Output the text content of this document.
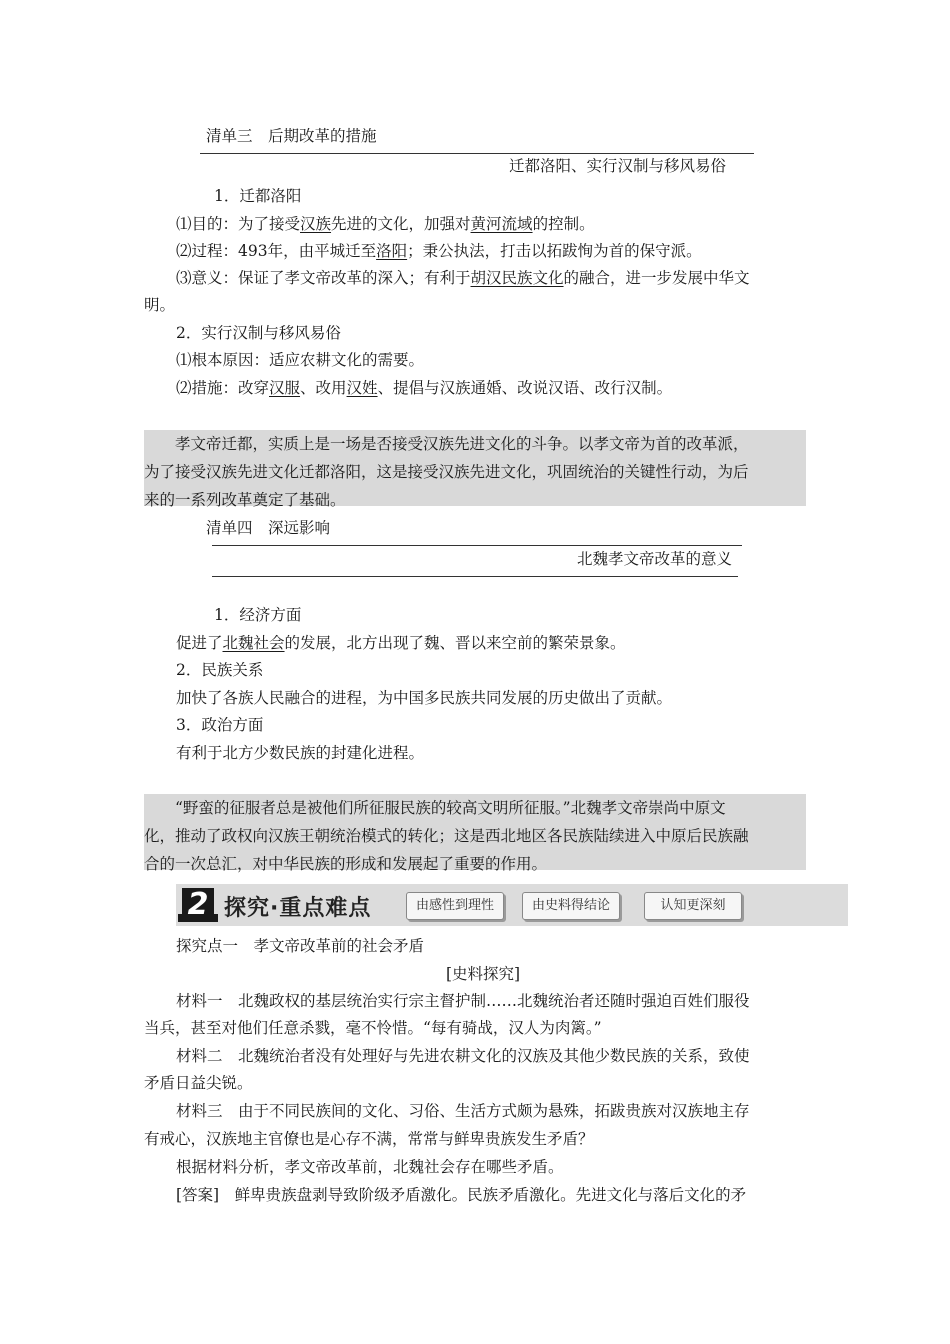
清单三　后期改革的措施
迁都洛阳、实行汉制与移风易俗
1．迁都洛阳
⑴目的：为了接受汉族先进的文化，加强对黄河流域的控制。
⑵过程：493年，由平城迁至洛阳；秉公执法，打击以拓跋恂为首的保守派。
⑶意义：保证了孝文帝改革的深入；有利于胡汉民族文化的融合，进一步发展中华文
明。
2．实行汉制与移风易俗
⑴根本原因：适应农耕文化的需要。
⑵措施：改穿汉服、改用汉姓、提倡与汉族通婚、改说汉语、改行汉制。

　　孝文帝迁都，实质上是一场是否接受汉族先进文化的斗争。以孝文帝为首的改革派，

为了接受汉族先进文化迁都洛阳，这是接受汉族先进文化，巩固统治的关键性行动，为后

来的一系列改革奠定了基础。

清单四　深远影响
北魏孝文帝改革的意义
1．经济方面
促进了北魏社会的发展，北方出现了魏、晋以来空前的繁荣景象。
2．民族关系
加快了各族人民融合的进程，为中国多民族共同发展的历史做出了贡献。
3．政治方面
有利于北方少数民族的封建化进程。

　　“野蛮的征服者总是被他们所征服民族的较高文明所征服。”北魏孝文帝崇尚中原文

化，推动了政权向汉族王朝统治模式的转化；这是西北地区各民族陆续进入中原后民族融

合的一次总汇，对中华民族的形成和发展起了重要的作用。

2 探究·重点难点	由感性到理性	由史料得结论	认知更深刻
探究点一　孝文帝改革前的社会矛盾
[史料探究]
材料一　北魏政权的基层统治实行宗主督护制……北魏统治者还随时强迫百姓们服役
当兵，甚至对他们任意杀戮，毫不怜惜。“每有骑战，汉人为肉篱。”
材料二　北魏统治者没有处理好与先进农耕文化的汉族及其他少数民族的关系，致使
矛盾日益尖锐。
材料三　由于不同民族间的文化、习俗、生活方式颇为悬殊，拓跋贵族对汉族地主存
有戒心，汉族地主官僚也是心存不满，常常与鲜卑贵族发生矛盾？
根据材料分析，孝文帝改革前，北魏社会存在哪些矛盾。
[答案]　鲜卑贵族盘剥导致阶级矛盾激化。民族矛盾激化。先进文化与落后文化的矛
